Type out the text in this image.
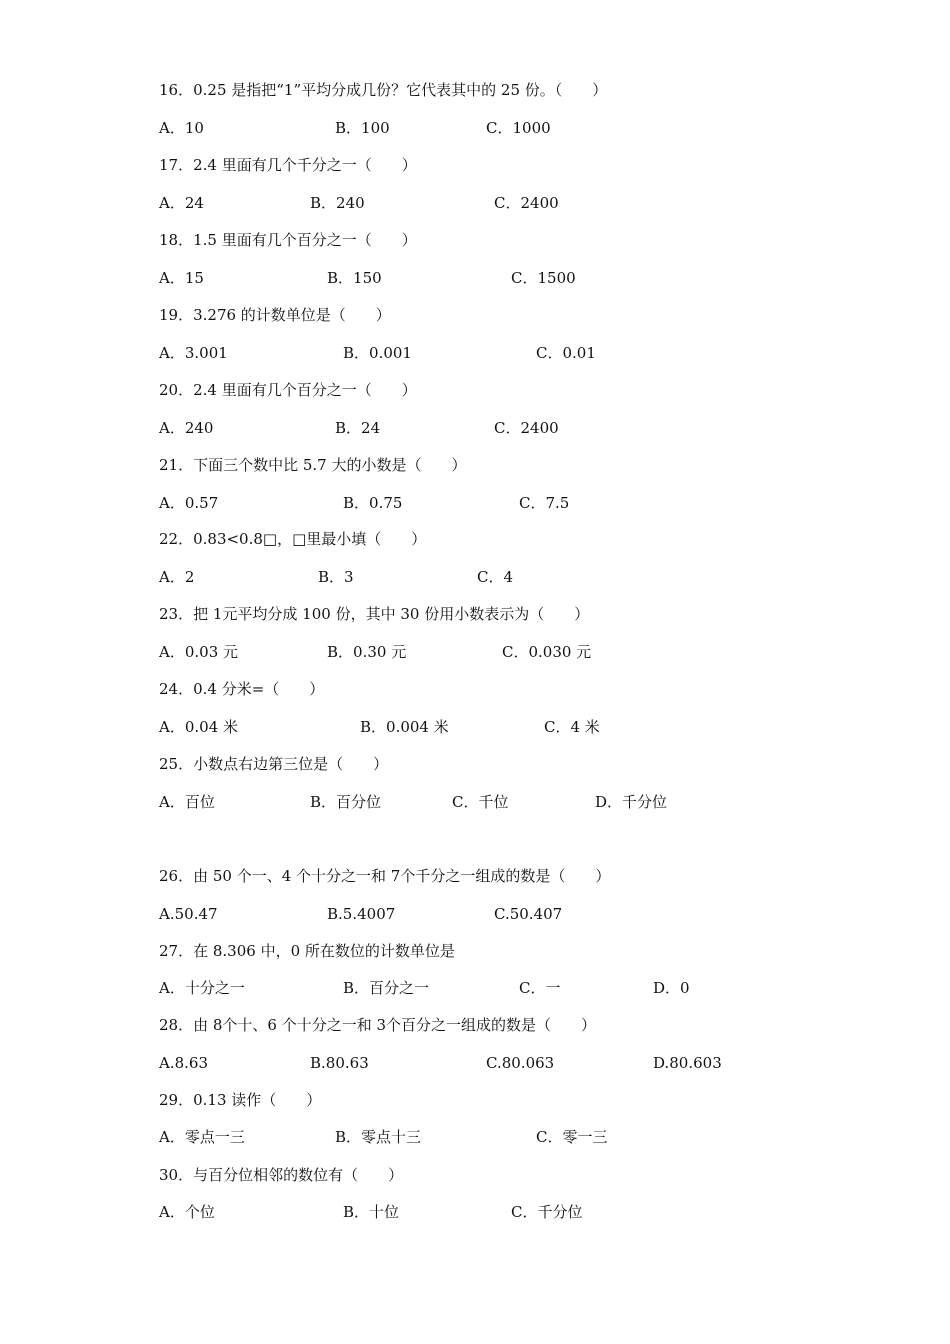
16．0.25 是指把“1”平均分成几份？它代表其中的 25 份。（　　）
A．10	B．100	C．1000
17．2.4 里面有几个千分之一（　　）
A．24	B．240	C．2400
18．1.5 里面有几个百分之一（　　）
A．15	B．150	C．1500
19．3.276 的计数单位是（　　）
A．3.001	B．0.001	C．0.01
20．2.4 里面有几个百分之一（　　）
A．240	B．24	C．2400
21．下面三个数中比 5.7 大的小数是（　　）
A．0.57	B．0.75	C．7.5
22．0.83<0.8□，□里最小填（　　）
A．2	B．3	C．4
23．把 1元平均分成 100 份，其中 30 份用小数表示为（　　）
A．0.03 元	B．0.30 元	C．0.030 元
24．0.4 分米=（　　）
A．0.04 米	B．0.004 米	C．4 米
25．小数点右边第三位是（　　）
A．百位	B．百分位	C．千位	D．千分位
26．由 50 个一、4 个十分之一和 7个千分之一组成的数是（　　）
A.50.47	B.5.4007	C.50.407
27．在 8.306 中，0 所在数位的计数单位是
A．十分之一	B．百分之一	C．一	D．0
28．由 8个十、6 个十分之一和 3个百分之一组成的数是（　　）
A.8.63	B.80.63	C.80.063	D.80.603
29．0.13 读作（　　）
A．零点一三	B．零点十三	C．零一三
30．与百分位相邻的数位有（　　）
A．个位	B．十位	C．千分位
